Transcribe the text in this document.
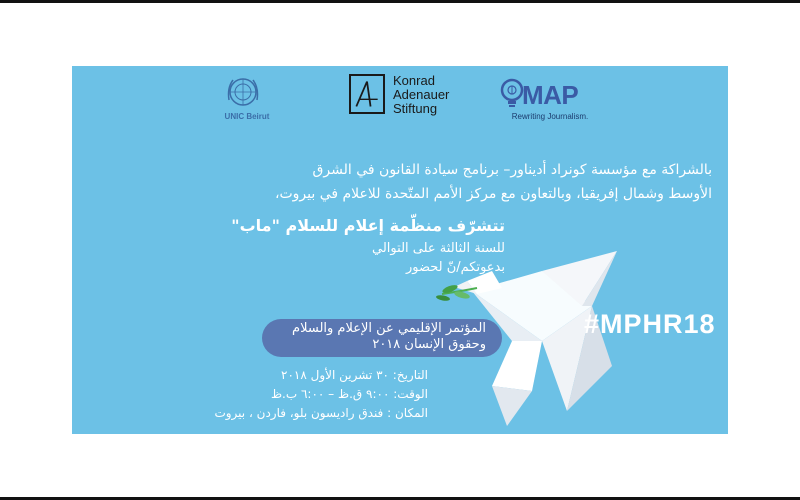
UNIC Beirut
Konrad
Adenauer
Stiftung	MAP
Rewriting Journalism.
بالشراكة مع مؤسسة كونراد أديناور– برنامج سيادة القانون في الشرق
الأوسط وشمال إفريقيا، وبالتعاون مع مركز الأمم المتّحدة للاعلام في بيروت،
تتشرّف منظّمة إعلام للسلام "ماب"
للسنة الثالثة على التوالي
بدعوتكم/نّ لحضور
المؤتمر الإقليمي عن الإعلام والسلام
وحقوق الإنسان ٢٠١٨
التاريخ: ٣٠ تشرين الأول ٢٠١٨
الوقت: ٩:٠٠ ق.ظ – ٦:٠٠ ب.ظ
المكان : فندق راديسون بلو، فاردن ، بيروت
#MPHR18
